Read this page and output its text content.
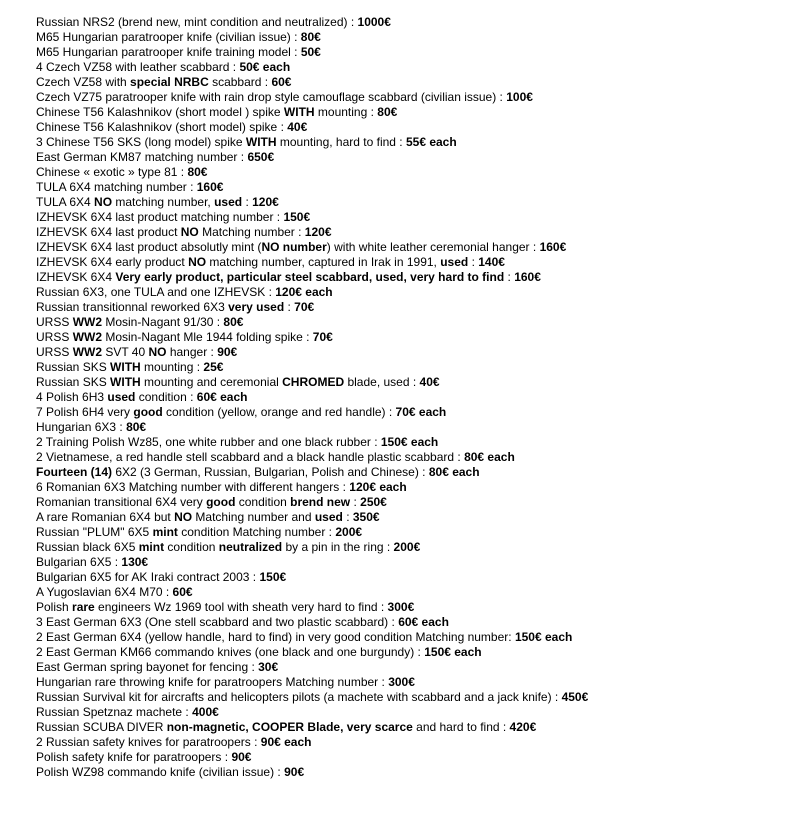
Russian NRS2 (brend new, mint condition and neutralized) : 1000€
M65 Hungarian paratrooper knife (civilian issue) : 80€
M65 Hungarian paratrooper knife training model : 50€
4 Czech VZ58 with leather scabbard : 50€ each
Czech VZ58 with special NRBC scabbard : 60€
Czech VZ75 paratrooper knife with rain drop style camouflage scabbard (civilian issue) : 100€
Chinese T56 Kalashnikov (short model ) spike WITH mounting : 80€
Chinese T56 Kalashnikov (short model) spike : 40€
3 Chinese T56 SKS (long model) spike WITH mounting, hard to find : 55€ each
East German KM87 matching number : 650€
Chinese « exotic » type 81 : 80€
TULA 6X4 matching number : 160€
TULA 6X4 NO matching number, used : 120€
IZHEVSK 6X4 last product matching number : 150€
IZHEVSK 6X4 last product NO Matching number : 120€
IZHEVSK 6X4 last product absolutly mint (NO number) with white leather ceremonial hanger : 160€
IZHEVSK 6X4 early product NO matching number, captured in Irak in 1991, used : 140€
IZHEVSK 6X4 Very early product, particular steel scabbard, used, very hard to find : 160€
Russian 6X3, one TULA and one IZHEVSK : 120€ each
Russian transitionnal reworked 6X3 very used : 70€
URSS WW2 Mosin-Nagant 91/30 : 80€
URSS WW2 Mosin-Nagant Mle 1944 folding spike : 70€
URSS WW2 SVT 40 NO hanger : 90€
Russian SKS WITH mounting : 25€
Russian SKS WITH mounting and ceremonial CHROMED blade, used : 40€
4 Polish 6H3 used condition : 60€ each
7 Polish 6H4 very good condition (yellow, orange and red handle) : 70€ each
Hungarian 6X3 : 80€
2 Training Polish Wz85, one white rubber and one black rubber : 150€ each
2 Vietnamese, a red handle stell scabbard and a black handle plastic scabbard : 80€ each
Fourteen (14) 6X2 (3 German, Russian, Bulgarian, Polish and Chinese) : 80€ each
6 Romanian 6X3 Matching number with different hangers : 120€ each
Romanian transitional 6X4 very good condition brend new : 250€
A rare Romanian 6X4 but NO Matching number and used : 350€
Russian "PLUM" 6X5 mint condition Matching number : 200€
Russian black 6X5 mint condition neutralized by a pin in the ring : 200€
Bulgarian 6X5 : 130€
Bulgarian 6X5 for AK Iraki contract 2003 : 150€
A Yugoslavian 6X4 M70 : 60€
Polish rare engineers Wz 1969 tool with sheath very hard to find : 300€
3 East German 6X3 (One stell scabbard and two plastic scabbard) : 60€ each
2 East German 6X4 (yellow handle, hard to find) in very good condition Matching number: 150€ each
2 East German KM66 commando knives (one black and one burgundy) : 150€ each
East German spring bayonet for fencing : 30€
Hungarian rare throwing knife for paratroopers Matching number : 300€
Russian Survival kit for aircrafts and helicopters pilots (a machete with scabbard and a jack knife) : 450€
Russian Spetznaz machete : 400€
Russian SCUBA DIVER non-magnetic, COOPER Blade, very scarce and hard to find : 420€
2 Russian safety knives for paratroopers : 90€ each
Polish safety knife for paratroopers : 90€
Polish WZ98 commando knife (civilian issue) : 90€
